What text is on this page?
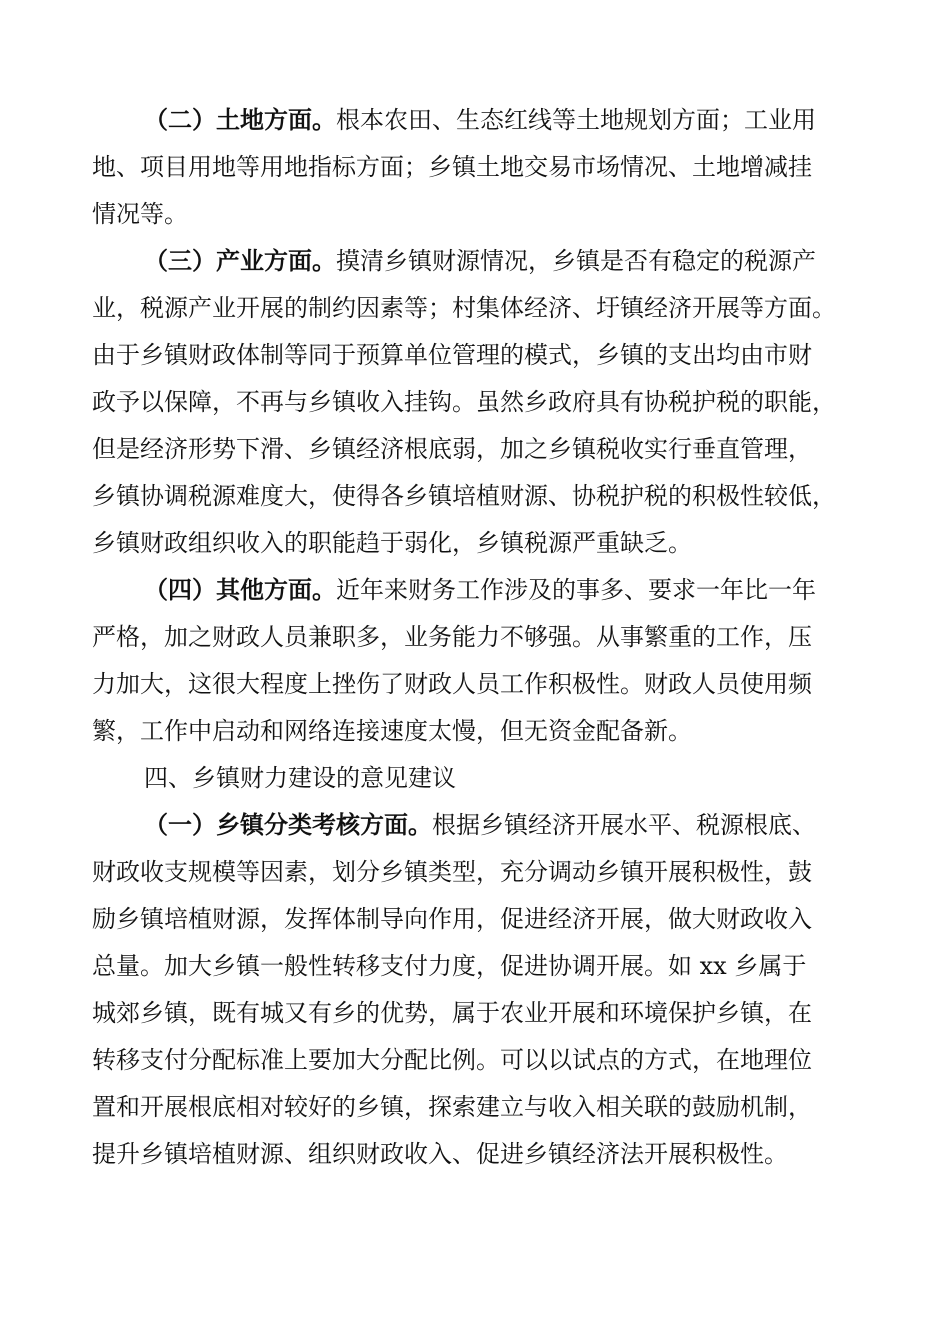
（二）土地方面。根本农田、生态红线等土地规划方面；工业用
地、项目用地等用地指标方面；乡镇土地交易市场情况、土地增减挂
情况等。
（三）产业方面。摸清乡镇财源情况，乡镇是否有稳定的税源产
业，税源产业开展的制约因素等；村集体经济、圩镇经济开展等方面。
由于乡镇财政体制等同于预算单位管理的模式，乡镇的支出均由市财
政予以保障，不再与乡镇收入挂钩。虽然乡政府具有协税护税的职能，
但是经济形势下滑、乡镇经济根底弱，加之乡镇税收实行垂直管理，
乡镇协调税源难度大，使得各乡镇培植财源、协税护税的积极性较低，
乡镇财政组织收入的职能趋于弱化，乡镇税源严重缺乏。
（四）其他方面。近年来财务工作涉及的事多、要求一年比一年
严格，加之财政人员兼职多，业务能力不够强。从事繁重的工作，压
力加大，这很大程度上挫伤了财政人员工作积极性。财政人员使用频
繁，工作中启动和网络连接速度太慢，但无资金配备新。
四、乡镇财力建设的意见建议
（一）乡镇分类考核方面。根据乡镇经济开展水平、税源根底、
财政收支规模等因素，划分乡镇类型，充分调动乡镇开展积极性，鼓
励乡镇培植财源，发挥体制导向作用，促进经济开展，做大财政收入
总量。加大乡镇一般性转移支付力度，促进协调开展。如 xx 乡属于
城郊乡镇，既有城又有乡的优势，属于农业开展和环境保护乡镇，在
转移支付分配标准上要加大分配比例。可以以试点的方式，在地理位
置和开展根底相对较好的乡镇，探索建立与收入相关联的鼓励机制，
提升乡镇培植财源、组织财政收入、促进乡镇经济法开展积极性。
